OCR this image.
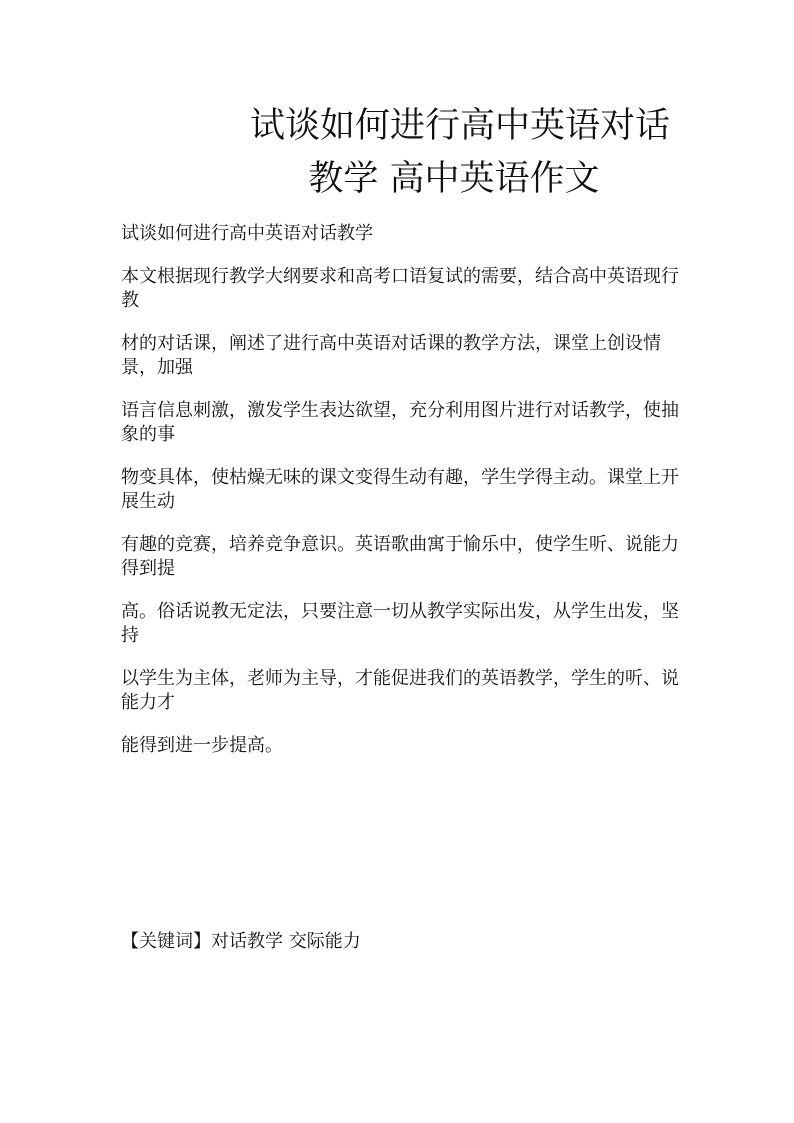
试谈如何进行高中英语对话
教学 高中英语作文
试谈如何进行高中英语对话教学
本文根据现行教学大纲要求和高考口语复试的需要，结合高中英语现行教
材的对话课，阐述了进行高中英语对话课的教学方法，课堂上创设情景，加强
语言信息刺激，激发学生表达欲望，充分利用图片进行对话教学，使抽象的事
物变具体，使枯燥无味的课文变得生动有趣，学生学得主动。课堂上开展生动
有趣的竞赛，培养竞争意识。英语歌曲寓于愉乐中，使学生听、说能力得到提
高。俗话说教无定法，只要注意一切从教学实际出发，从学生出发，坚持
以学生为主体，老师为主导，才能促进我们的英语教学，学生的听、说能力才
能得到进一步提高。
【关键词】对话教学 交际能力
